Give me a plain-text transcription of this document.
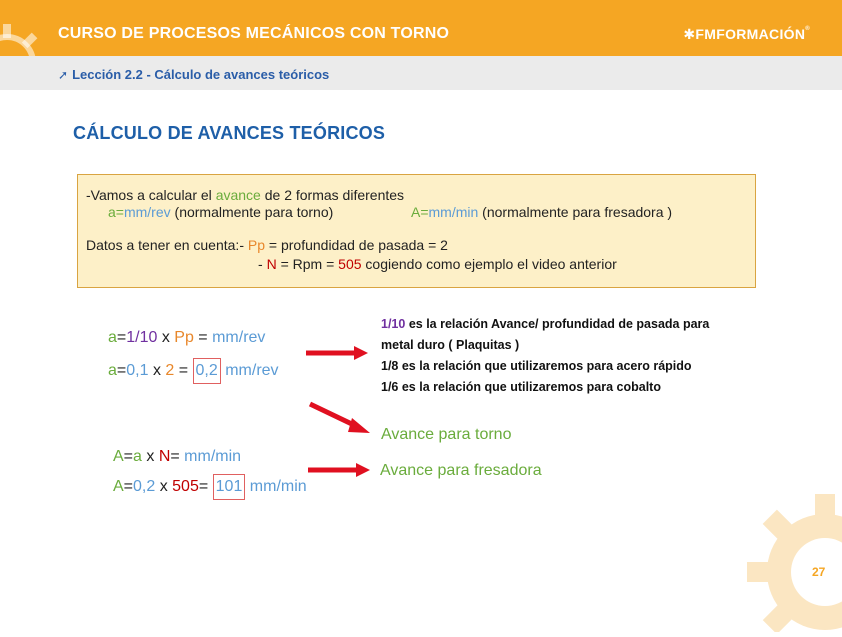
CURSO DE PROCESOS MECÁNICOS CON TORNO	✱FMFORMACIÓN®
➚ Lección 2.2 - Cálculo de avances teóricos
CÁLCULO DE AVANCES TEÓRICOS
-Vamos a calcular el avance de 2 formas diferentes
a=mm/rev (normalmente para torno)	A=mm/min (normalmente para fresadora )
Datos a tener en cuenta:- Pp = profundidad de pasada = 2
- N = Rpm = 505 cogiendo como ejemplo el video anterior
a=1/10 x Pp = mm/rev
a=0,1 x 2 = 0,2 mm/rev
A=a x N= mm/min
A=0,2 x 505= 101 mm/min
1/10 es la relación Avance/ profundidad de pasada para
metal duro ( Plaquitas )
1/8 es la relación que utilizaremos para acero rápido
1/6 es la relación que utilizaremos para cobalto
Avance para torno
Avance para fresadora
27
